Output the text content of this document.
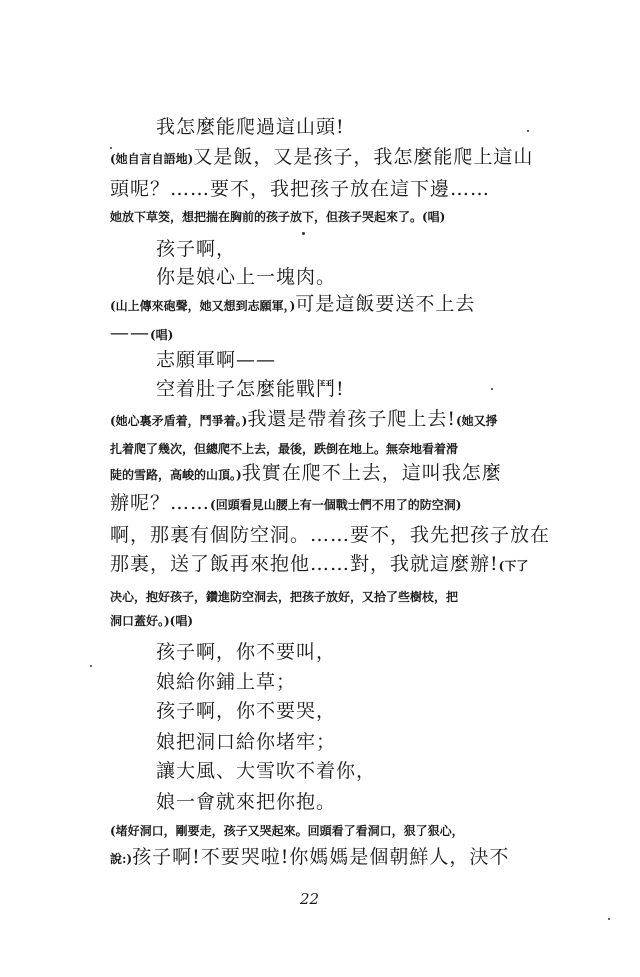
我怎麼能爬過這山頭!
(她自言自語地)又是飯，又是孩子，我怎麼能爬上這山
頭呢？……要不，我把孩子放在這下邊……
她放下草筊，想把揣在胸前的孩子放下，但孩子哭起來了。(唱)
孩子啊，
你是娘心上一塊肉。
(山上傳來砲聲，她又想到志願軍，)可是這飯要送不上去
——(唱)
志願軍啊——
空着肚子怎麼能戰鬥!
(她心裏矛盾着，鬥爭着。)我還是帶着孩子爬上去!(她又掙
扎着爬了幾次，但總爬不上去，最後，跌倒在地上。無奈地看着滑
陡的雪路，高峻的山頂。)我實在爬不上去，這叫我怎麼
辦呢？……(回頭看見山腰上有一個戰士們不用了的防空洞)
啊，那裏有個防空洞。……要不，我先把孩子放在
那裏，送了飯再來抱他……對，我就這麼辦!(下了
决心，抱好孩子，鑽進防空洞去，把孩子放好，又拾了些樹枝，把
洞口蓋好。)(唱)
孩子啊，你不要叫，
娘給你鋪上草；
孩子啊，你不要哭，
娘把洞口給你堵牢；
讓大風、大雪吹不着你，
娘一會就來把你抱。
(堵好洞口，剛要走，孩子又哭起來。回頭看了看洞口，狠了狠心，
說:)孩子啊!不要哭啦!你媽媽是個朝鮮人，決不
22
